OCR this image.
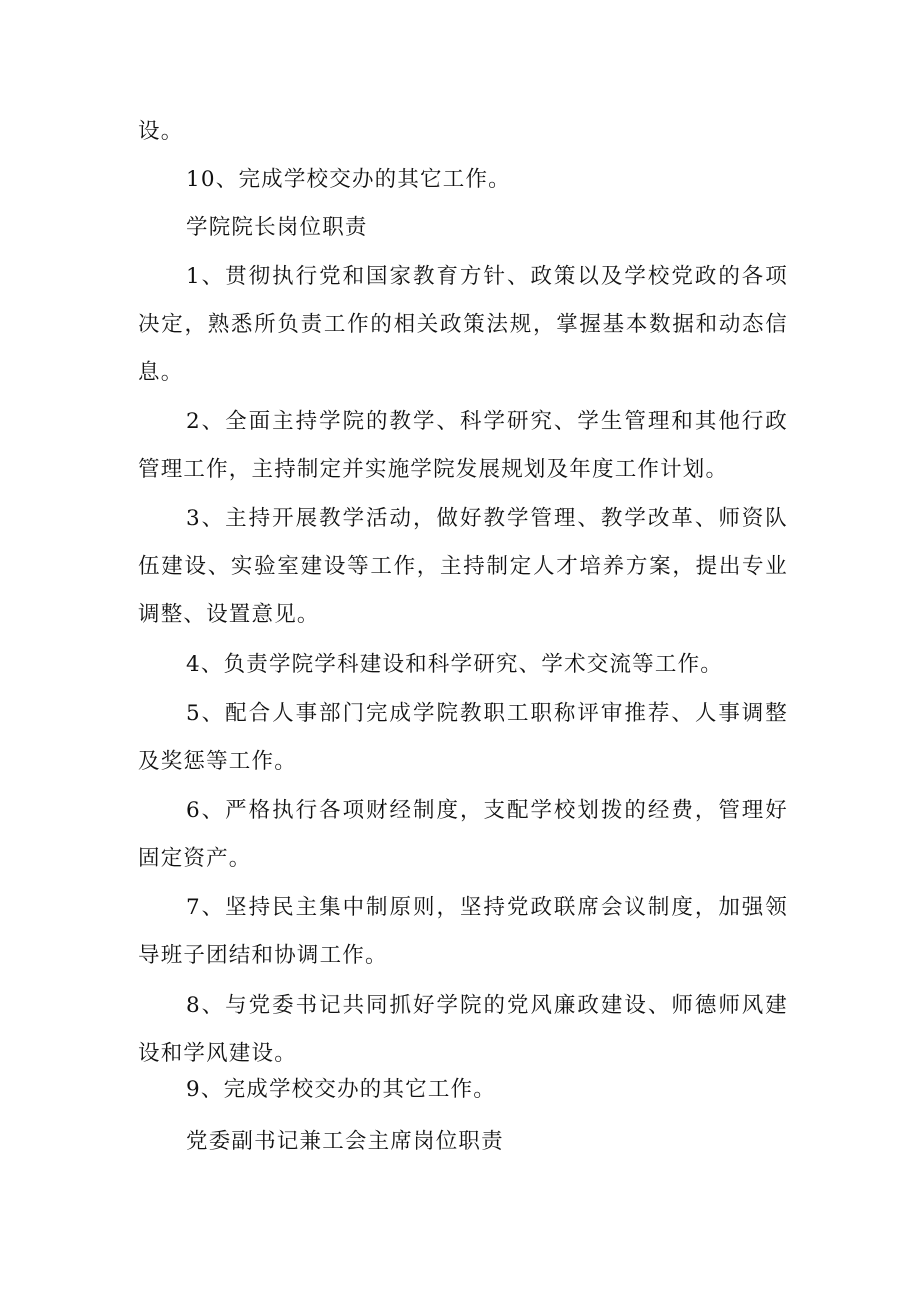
设。

10、完成学校交办的其它工作。

学院院长岗位职责

1、贯彻执行党和国家教育方针、政策以及学校党政的各项决定，熟悉所负责工作的相关政策法规，掌握基本数据和动态信息。

2、全面主持学院的教学、科学研究、学生管理和其他行政管理工作，主持制定并实施学院发展规划及年度工作计划。

3、主持开展教学活动，做好教学管理、教学改革、师资队伍建设、实验室建设等工作，主持制定人才培养方案，提出专业调整、设置意见。

4、负责学院学科建设和科学研究、学术交流等工作。

5、配合人事部门完成学院教职工职称评审推荐、人事调整及奖惩等工作。

6、严格执行各项财经制度，支配学校划拨的经费，管理好固定资产。

7、坚持民主集中制原则，坚持党政联席会议制度，加强领导班子团结和协调工作。

8、与党委书记共同抓好学院的党风廉政建设、师德师风建设和学风建设。

9、完成学校交办的其它工作。

党委副书记兼工会主席岗位职责
